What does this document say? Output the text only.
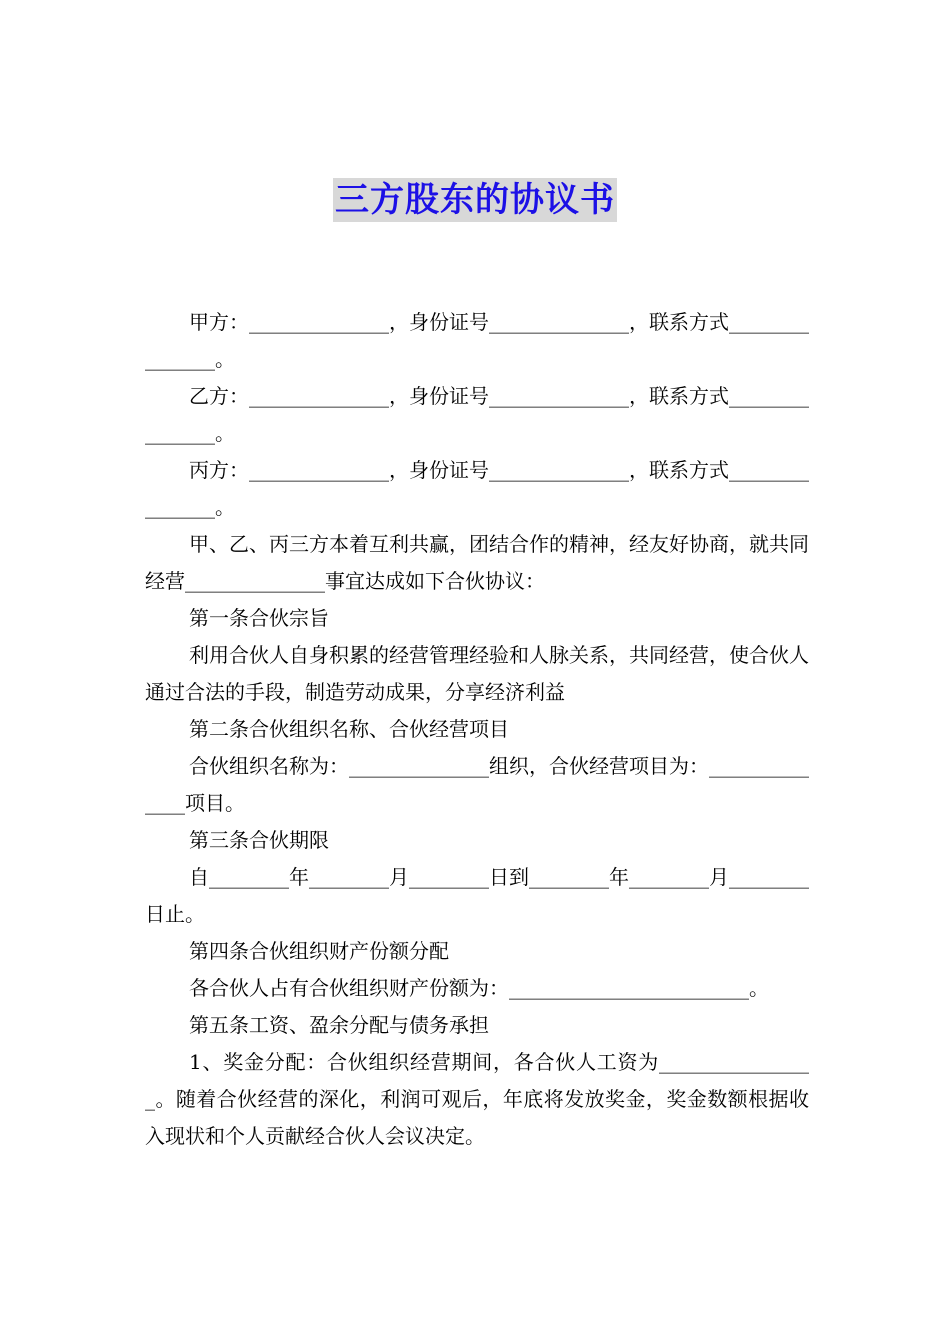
三方股东的协议书

甲方：______________，身份证号______________，联系方式_______________。

乙方：______________，身份证号______________，联系方式_______________。

丙方：______________，身份证号______________，联系方式_______________。

甲、乙、丙三方本着互利共赢，团结合作的精神，经友好协商，就共同经营______________事宜达成如下合伙协议：

第一条合伙宗旨

利用合伙人自身积累的经营管理经验和人脉关系，共同经营，使合伙人通过合法的手段，制造劳动成果，分享经济利益

第二条合伙组织名称、合伙经营项目

合伙组织名称为：______________组织，合伙经营项目为：______________项目。

第三条合伙期限

自________年________月________日到________年________月________日止。

第四条合伙组织财产份额分配

各合伙人占有合伙组织财产份额为：________________________。

第五条工资、盈余分配与债务承担

1、奖金分配：合伙组织经营期间，各合伙人工资为________________。随着合伙经营的深化，利润可观后，年底将发放奖金，奖金数额根据收入现状和个人贡献经合伙人会议决定。
